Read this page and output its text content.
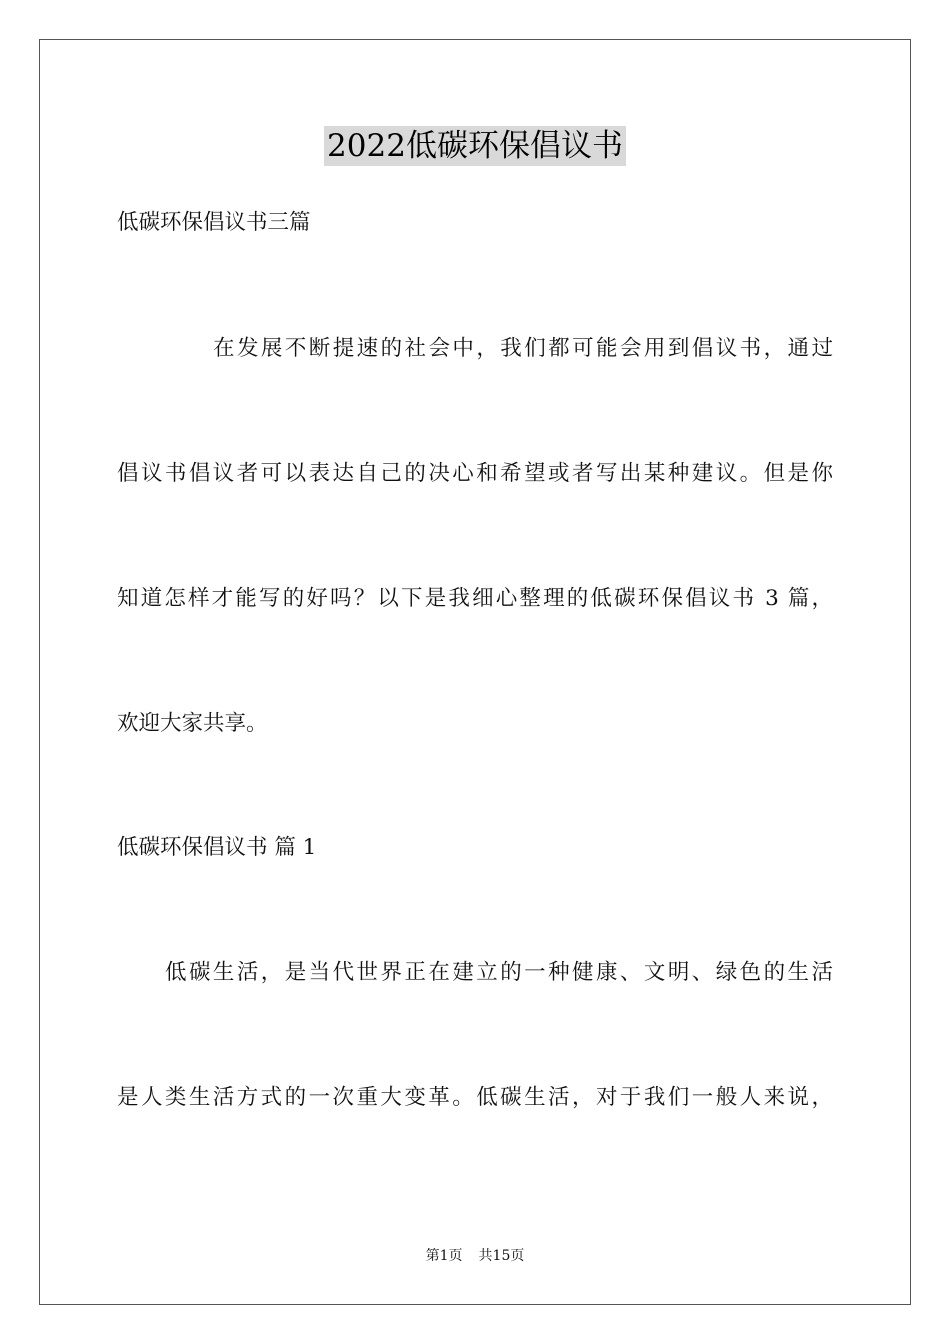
2022低碳环保倡议书

低碳环保倡议书三篇

在发展不断提速的社会中，我们都可能会用到倡议书，通过

倡议书倡议者可以表达自己的决心和希望或者写出某种建议。但是你

知道怎样才能写的好吗？以下是我细心整理的低碳环保倡议书 3 篇，

欢迎大家共享。

低碳环保倡议书 篇 1

低碳生活，是当代世界正在建立的一种健康、文明、绿色的生活

是人类生活方式的一次重大变革。低碳生活，对于我们一般人来说，

第1页 共15页
